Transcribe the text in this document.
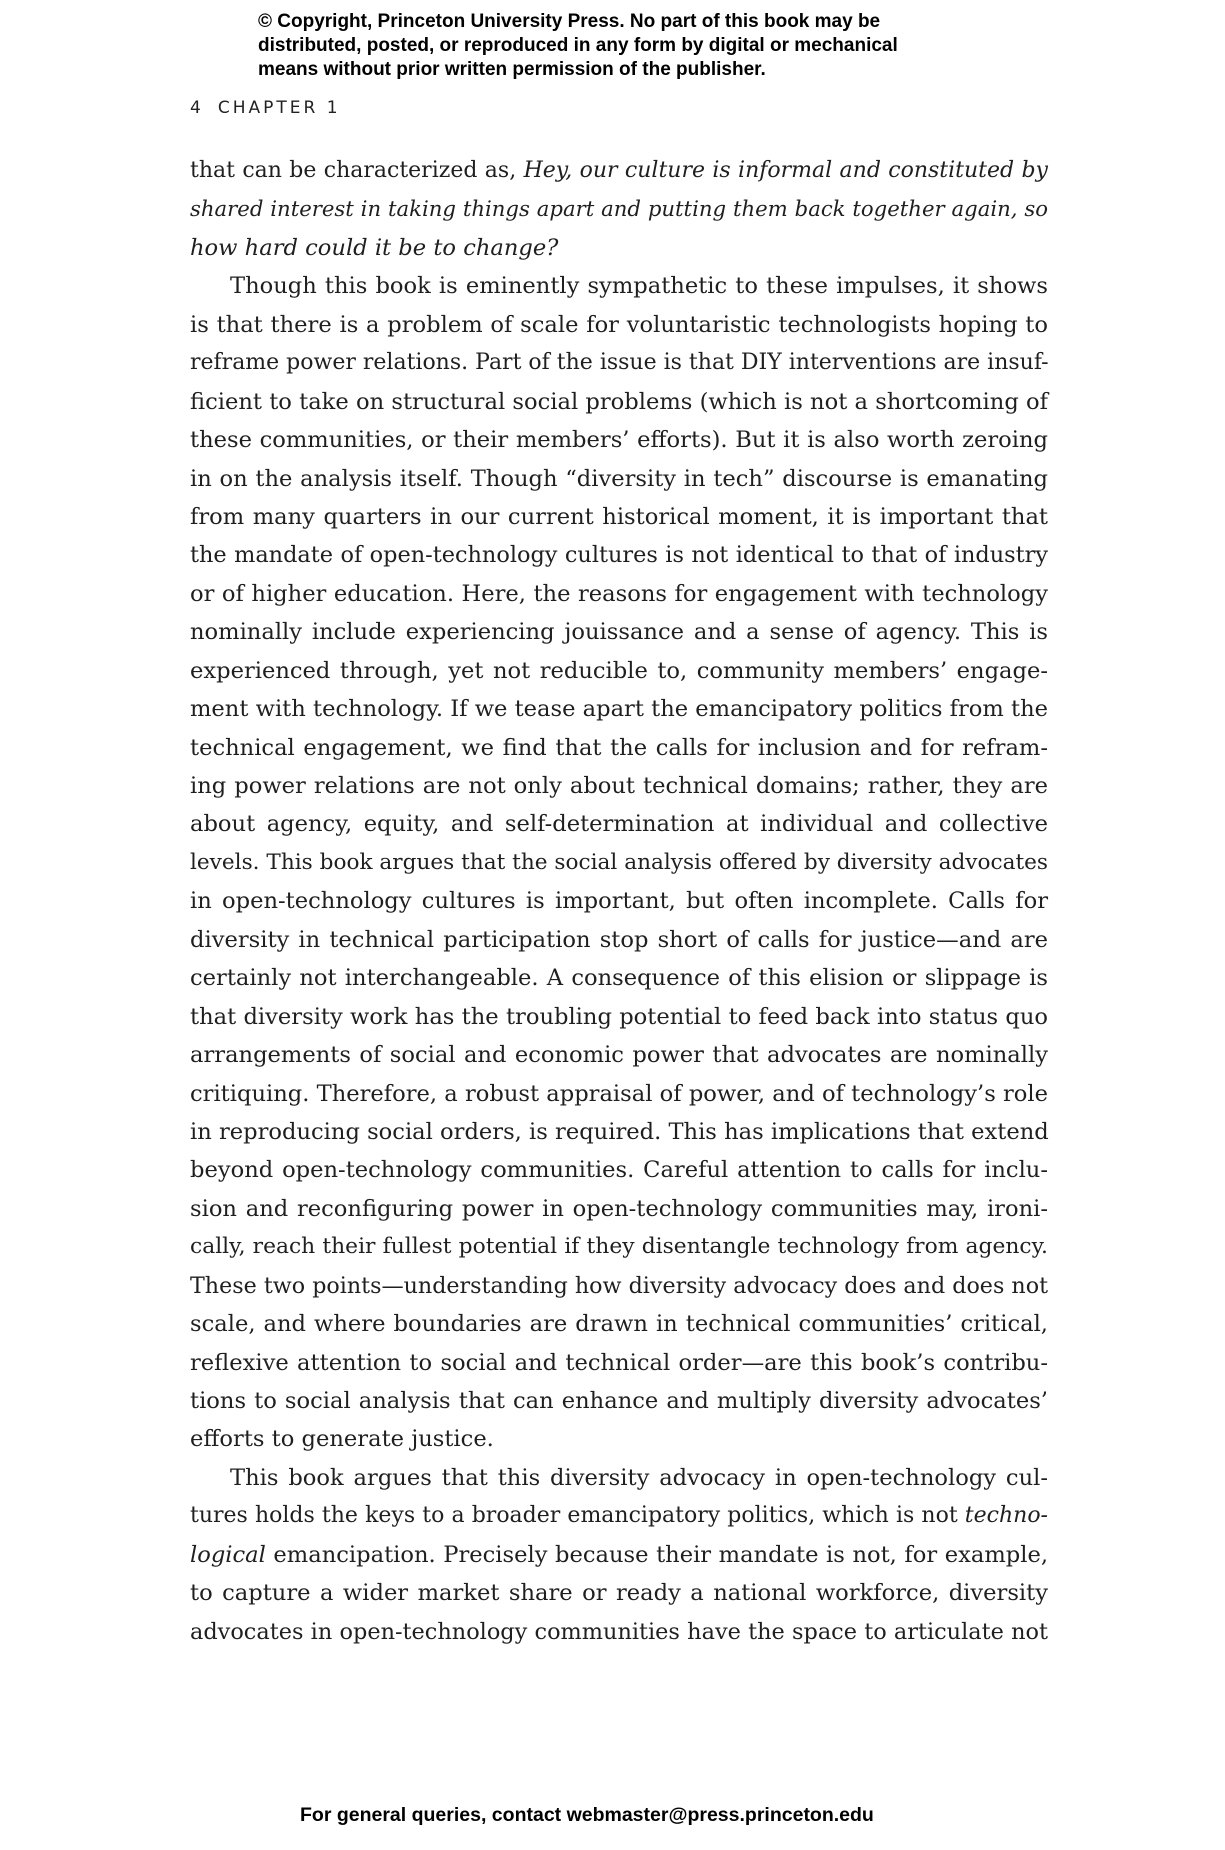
© Copyright, Princeton University Press. No part of this book may be
distributed, posted, or reproduced in any form by digital or mechanical
means without prior written permission of the publisher.
4 CHAPTER 1
that can be characterized as, Hey, our culture is informal and constituted by
shared interest in taking things apart and putting them back together again, so
how hard could it be to change?
Though this book is eminently sympathetic to these impulses, it shows
is that there is a problem of scale for voluntaristic technologists hoping to
reframe power relations. Part of the issue is that DIY interventions are insuf-
ficient to take on structural social problems (which is not a shortcoming of
these communities, or their members’ efforts). But it is also worth zeroing
in on the analysis itself. Though “diversity in tech” discourse is emanating
from many quarters in our current historical moment, it is important that
the mandate of open-technology cultures is not identical to that of industry
or of higher education. Here, the reasons for engagement with technology
nominally include experiencing jouissance and a sense of agency. This is
experienced through, yet not reducible to, community members’ engage-
ment with technology. If we tease apart the emancipatory politics from the
technical engagement, we find that the calls for inclusion and for refram-
ing power relations are not only about technical domains; rather, they are
about agency, equity, and self-determination at individual and collective
levels. This book argues that the social analysis offered by diversity advocates
in open-technology cultures is important, but often incomplete. Calls for
diversity in technical participation stop short of calls for justice—and are
certainly not interchangeable. A consequence of this elision or slippage is
that diversity work has the troubling potential to feed back into status quo
arrangements of social and economic power that advocates are nominally
critiquing. Therefore, a robust appraisal of power, and of technology’s role
in reproducing social orders, is required. This has implications that extend
beyond open-technology communities. Careful attention to calls for inclu-
sion and reconfiguring power in open-technology communities may, ironi-
cally, reach their fullest potential if they disentangle technology from agency.
These two points—understanding how diversity advocacy does and does not
scale, and where boundaries are drawn in technical communities’ critical,
reflexive attention to social and technical order—are this book’s contribu-
tions to social analysis that can enhance and multiply diversity advocates’
efforts to generate justice.
This book argues that this diversity advocacy in open-technology cul-
tures holds the keys to a broader emancipatory politics, which is not techno-
logical emancipation. Precisely because their mandate is not, for example,
to capture a wider market share or ready a national workforce, diversity
advocates in open-technology communities have the space to articulate not
For general queries, contact webmaster@press.princeton.edu
